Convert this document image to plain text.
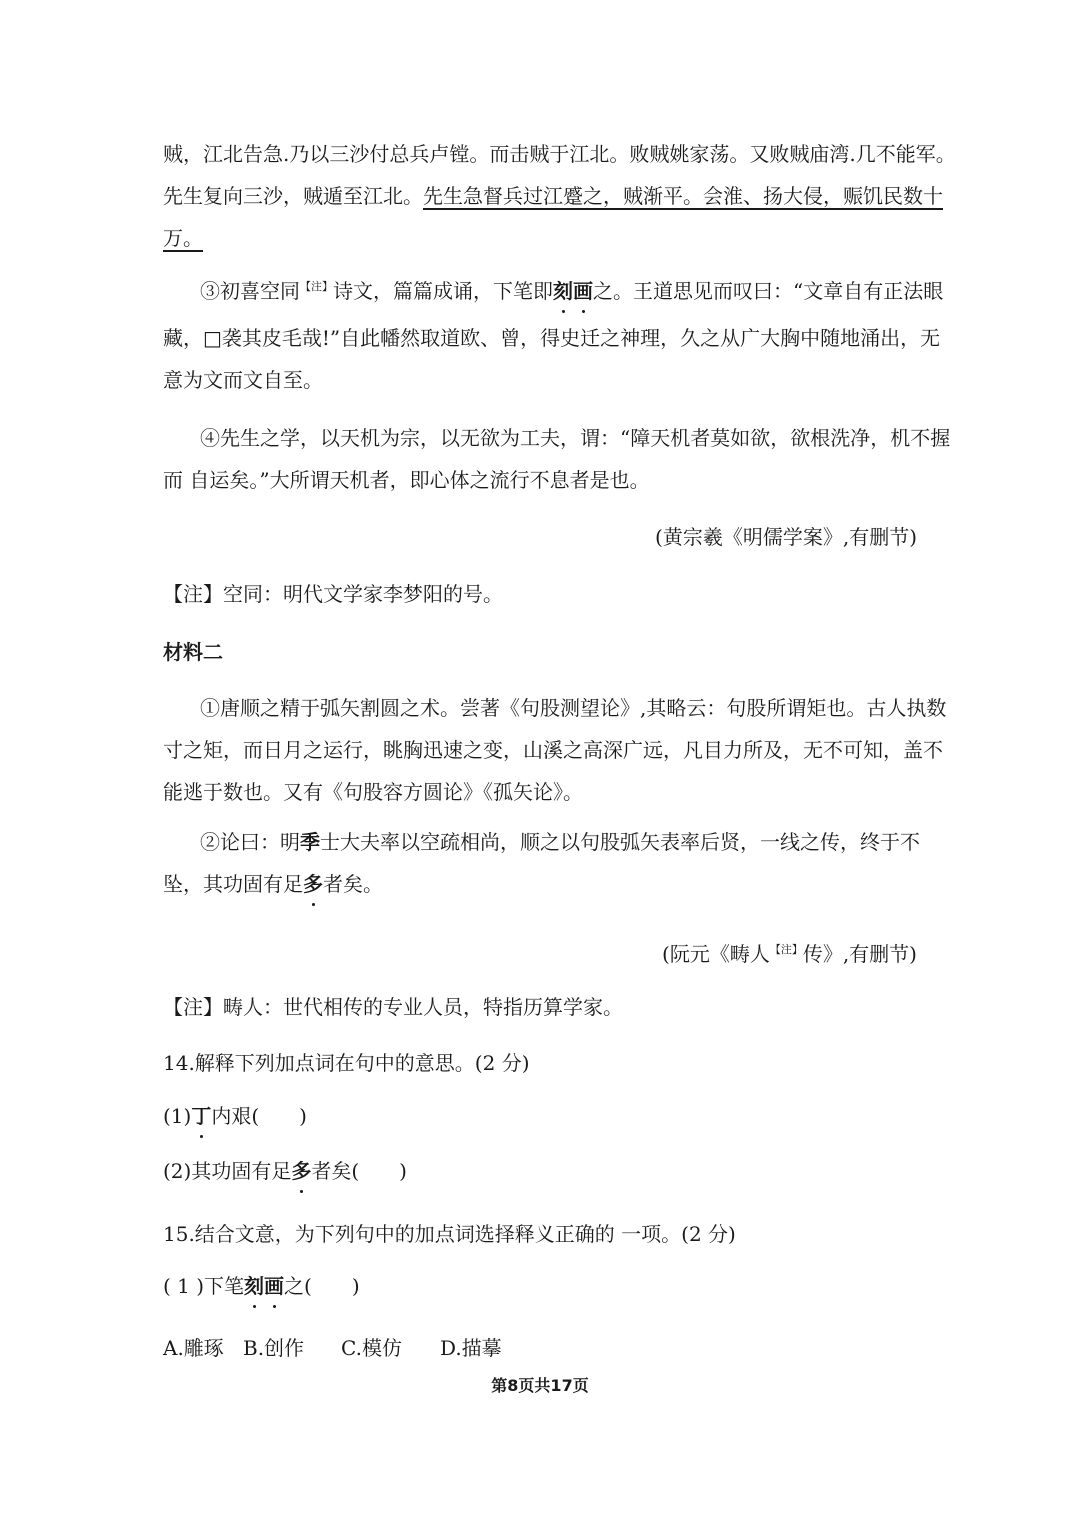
贼，江北告急.乃以三沙付总兵卢镗。而击贼于江北。败贼姚家荡。又败贼庙湾.几不能军。
先生复向三沙，贼遁至江北。先生急督兵过江蹙之，贼渐平。会淮、扬大侵，赈饥民数十
万。
③初喜空同$^{【注】}$诗文，篇篇成诵，下笔即刻画之。王道思见而叹曰：“文章自有正法眼
藏，□袭其皮毛哉!”自此幡然取道欧、曾，得史迁之神理，久之从广大胸中随地涌出，无
意为文而文自至。
④先生之学，以天机为宗，以无欲为工夫，谓：“障天机者莫如欲，欲根洗净，机不握
而 自运矣。”大所谓天机者，即心体之流行不息者是也。
(黄宗羲《明儒学案》,有删节)
【注】空同：明代文学家李梦阳的号。
材料二
①唐顺之精于弧矢割圆之术。尝著《句股测望论》,其略云：句股所谓矩也。古人执数
寸之矩，而日月之运行，眺胸迅速之变，山溪之高深广远，凡目力所及，无不可知，盖不
能逃于数也。又有《句股容方圆论》《孤矢论》。
②论曰：明季士大夫率以空疏相尚，顺之以句股弧矢表率后贤，一线之传，终于不
坠，其功固有足多者矣。
(阮元《畴人$^{【注】}$传》,有删节)
【注】畴人：世代相传的专业人员，特指历算学家。
14.解释下列加点词在句中的意思。(2 分)
(1)丁内艰(　　)
(2)其功固有足多者矣(　　)
15.结合文意，为下列句中的加点词选择释义正确的 一项。(2 分)
( 1 )下笔刻画之(　　)
A.雕琢 B.创作 C.模仿 D.描摹
第8页共17页
